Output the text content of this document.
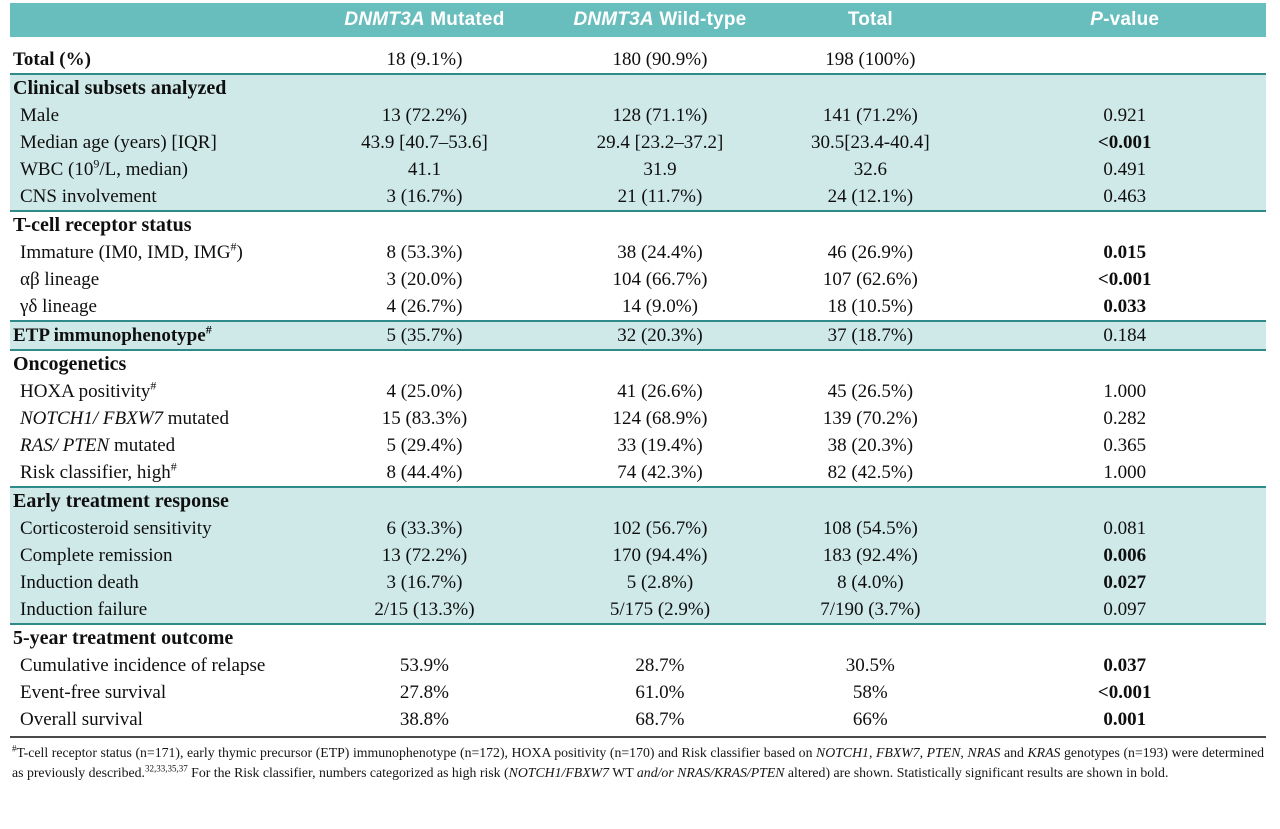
	DNMT3A Mutated	DNMT3A Wild-type	Total	P-value

Total (%)	18 (9.1%)	180 (90.9%)	198 (100%)	
Clinical subsets analyzed				
Male	13 (72.2%)	128 (71.1%)	141 (71.2%)	0.921
Median age (years) [IQR]	43.9 [40.7–53.6]	29.4 [23.2–37.2]	30.5[23.4-40.4]	<0.001
WBC ($10^9/L$, median)	41.1	31.9	32.6	0.491
CNS involvement	3 (16.7%)	21 (11.7%)	24 (12.1%)	0.463
T-cell receptor status				
Immature (IM0, IMD, IMG#)	8 (53.3%)	38 (24.4%)	46 (26.9%)	0.015
αβ lineage	3 (20.0%)	104 (66.7%)	107 (62.6%)	<0.001
γδ lineage	4 (26.7%)	14 (9.0%)	18 (10.5%)	0.033
ETP immunophenotype#	5 (35.7%)	32 (20.3%)	37 (18.7%)	0.184
Oncogenetics				
HOXA positivity#	4 (25.0%)	41 (26.6%)	45 (26.5%)	1.000
NOTCH1/ FBXW7 mutated	15 (83.3%)	124 (68.9%)	139 (70.2%)	0.282
RAS/ PTEN mutated	5 (29.4%)	33 (19.4%)	38 (20.3%)	0.365
Risk classifier, high#	8 (44.4%)	74 (42.3%)	82 (42.5%)	1.000
Early treatment response				
Corticosteroid sensitivity	6 (33.3%)	102 (56.7%)	108 (54.5%)	0.081
Complete remission	13 (72.2%)	170 (94.4%)	183 (92.4%)	0.006
Induction death	3 (16.7%)	5 (2.8%)	8 (4.0%)	0.027
Induction failure	2/15 (13.3%)	5/175 (2.9%)	7/190 (3.7%)	0.097
5-year treatment outcome				
Cumulative incidence of relapse	53.9%	28.7%	30.5%	0.037
Event-free survival	27.8%	61.0%	58%	<0.001
Overall survival	38.8%	68.7%	66%	0.001

#T-cell receptor status (n=171), early thymic precursor (ETP) immunophenotype (n=172), HOXA positivity (n=170) and Risk classifier based on NOTCH1, FBXW7, PTEN, NRAS and KRAS genotypes (n=193) were determined as previously described.$^{32,33,35,37}$ For the Risk classifier, numbers categorized as high risk (NOTCH1/FBXW7 WT and/or NRAS/KRAS/PTEN altered) are shown. Statistically significant results are shown in bold.
